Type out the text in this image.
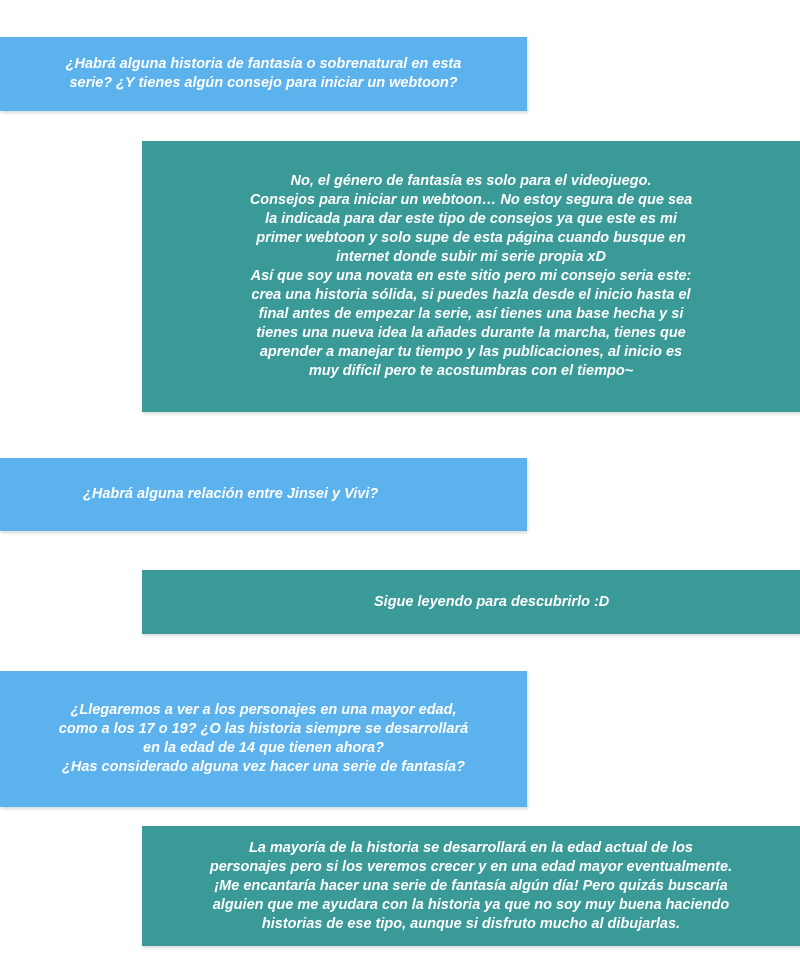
¿Habrá alguna historia de fantasía o sobrenatural en esta
serie? ¿Y tienes algún consejo para iniciar un webtoon?
No, el género de fantasía es solo para el videojuego.
Consejos para iniciar un webtoon… No estoy segura de que sea
la indicada para dar este tipo de consejos ya que este es mi
primer webtoon y solo supe de esta página cuando busque en
internet donde subir mi serie propia xD
Así que soy una novata en este sitio pero mi consejo seria este:
crea una historia sólida, si puedes hazla desde el inicio hasta el
final antes de empezar la serie, así tienes una base hecha y si
tienes una nueva idea la añades durante la marcha, tienes que
aprender a manejar tu tiempo y las publicaciones, al inicio es
muy difícil pero te acostumbras con el tiempo~
¿Habrá alguna relación entre Jinsei y Vivi?
Sigue leyendo para descubrirlo :D
¿Llegaremos a ver a los personajes en una mayor edad,
como a los 17 o 19? ¿O las historia siempre se desarrollará
en la edad de 14 que tienen ahora?
¿Has considerado alguna vez hacer una serie de fantasía?
La mayoría de la historia se desarrollará en la edad actual de los
personajes pero si los veremos crecer y en una edad mayor eventualmente.
¡Me encantaría hacer una serie de fantasía algún día! Pero quizás buscaría
alguien que me ayudara con la historia ya que no soy muy buena haciendo
historias de ese tipo, aunque si disfruto mucho al dibujarlas.
